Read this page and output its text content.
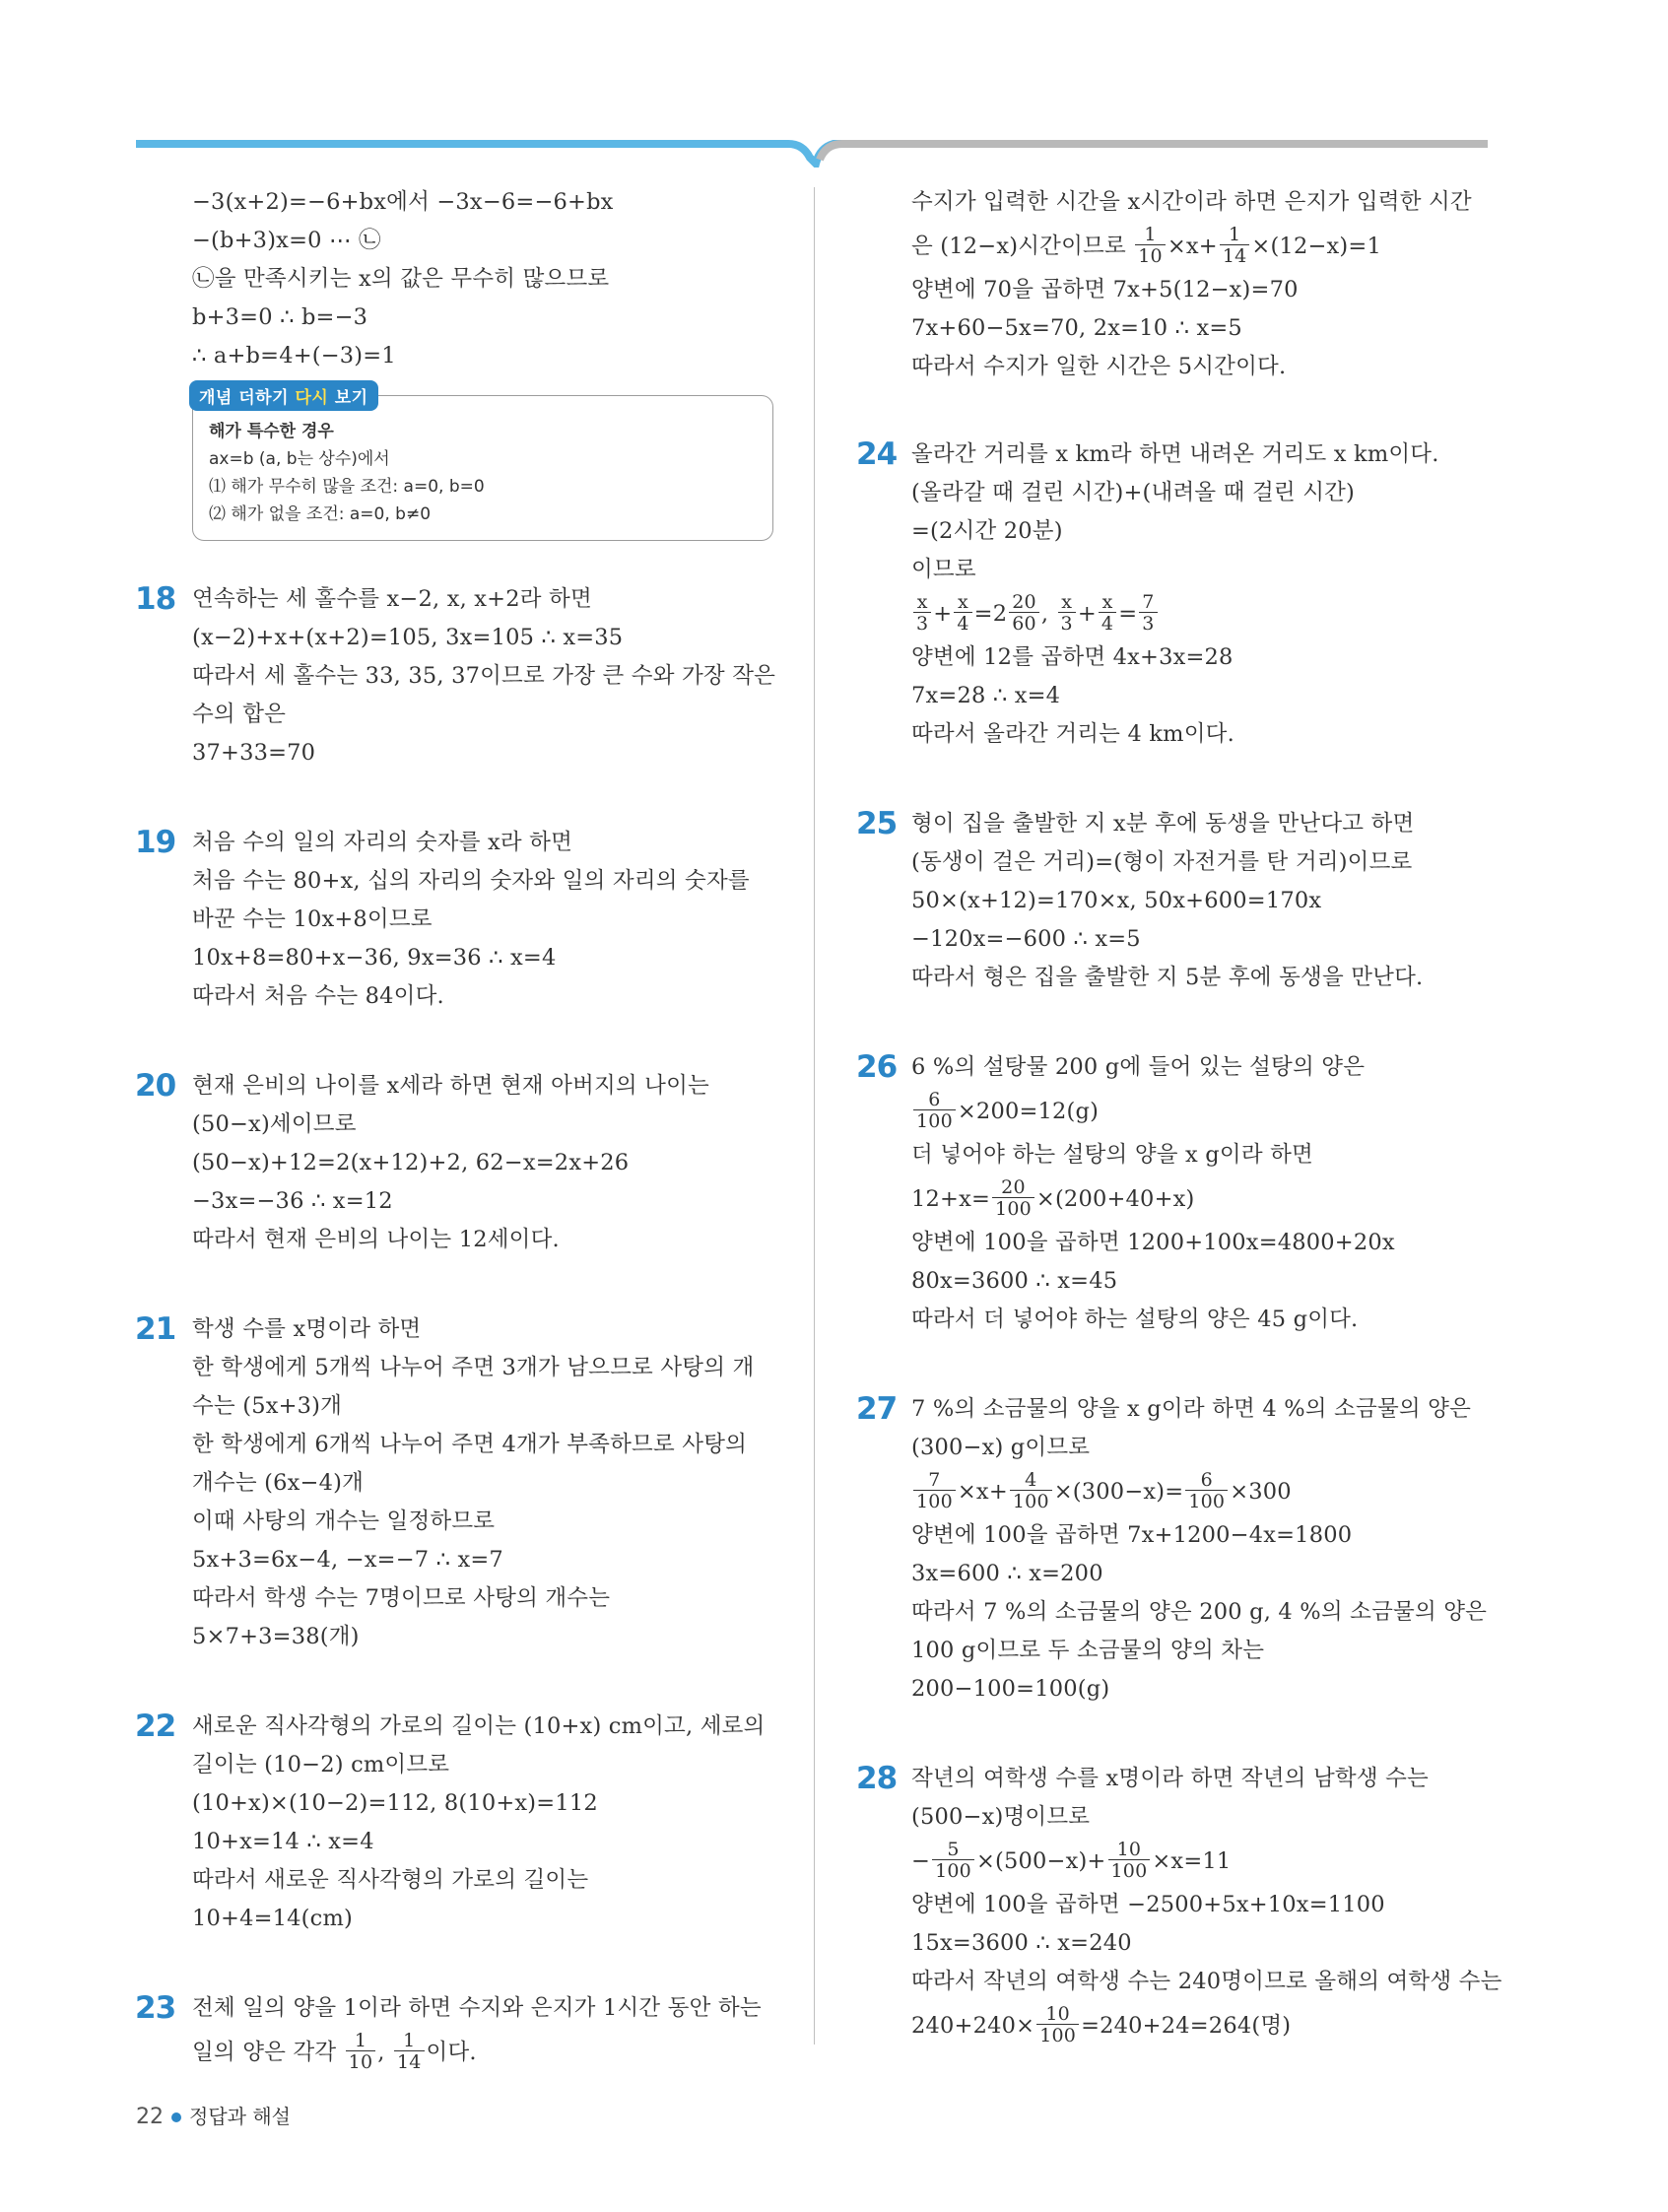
−3(x+2)=−6+bx에서 −3x−6=−6+bx
−(b+3)x=0 ⋯ ㉡
㉡을 만족시키는 x의 값은 무수히 많으므로
b+3=0 ∴ b=−3
∴ a+b=4+(−3)=1
개념 더하기 다시 보기
해가 특수한 경우
ax=b (a, b는 상수)에서
⑴ 해가 무수히 많을 조건: a=0, b=0
⑵ 해가 없을 조건: a=0, b≠0
18 연속하는 세 홀수를 x−2, x, x+2라 하면
(x−2)+x+(x+2)=105, 3x=105 ∴ x=35
따라서 세 홀수는 33, 35, 37이므로 가장 큰 수와 가장 작은
수의 합은
37+33=70
19 처음 수의 일의 자리의 숫자를 x라 하면
처음 수는 80+x, 십의 자리의 숫자와 일의 자리의 숫자를
바꾼 수는 10x+8이므로
10x+8=80+x−36, 9x=36 ∴ x=4
따라서 처음 수는 84이다.
20 현재 은비의 나이를 x세라 하면 현재 아버지의 나이는
(50−x)세이므로
(50−x)+12=2(x+12)+2, 62−x=2x+26
−3x=−36 ∴ x=12
따라서 현재 은비의 나이는 12세이다.
21 학생 수를 x명이라 하면
한 학생에게 5개씩 나누어 주면 3개가 남으므로 사탕의 개
수는 (5x+3)개
한 학생에게 6개씩 나누어 주면 4개가 부족하므로 사탕의
개수는 (6x−4)개
이때 사탕의 개수는 일정하므로
5x+3=6x−4, −x=−7 ∴ x=7
따라서 학생 수는 7명이므로 사탕의 개수는
5×7+3=38(개)
22 새로운 직사각형의 가로의 길이는 (10+x) cm이고, 세로의
길이는 (10−2) cm이므로
(10+x)×(10−2)=112, 8(10+x)=112
10+x=14 ∴ x=4
따라서 새로운 직사각형의 가로의 길이는
10+4=14(cm)
23 전체 일의 양을 1이라 하면 수지와 은지가 1시간 동안 하는
일의 양은 각각 $\frac{1}{10}$ , $\frac{1}{14}$ 이다.
수지가 입력한 시간을 x시간이라 하면 은지가 입력한 시간
은 (12−x)시간이므로 $\frac{1}{10} \times x+ \frac{1}{14} \times(12-x)=1$
양변에 70을 곱하면 7x+5(12−x)=70
7x+60−5x=70, 2x=10 ∴ x=5
따라서 수지가 일한 시간은 5시간이다.
24 올라간 거리를 x km라 하면 내려온 거리도 x km이다.
(올라갈 때 걸린 시간)+(내려올 때 걸린 시간)
=(2시간 20분)
이므로
$\frac{x}{3} + \frac{x}{4} =2 \frac{20}{60}$ , $\frac{x}{3} + \frac{x}{4} = \frac{7}{3}$
양변에 12를 곱하면 4x+3x=28
7x=28 ∴ x=4
따라서 올라간 거리는 4 km이다.
25 형이 집을 출발한 지 x분 후에 동생을 만난다고 하면
(동생이 걸은 거리)=(형이 자전거를 탄 거리)이므로
50×(x+12)=170×x, 50x+600=170x
−120x=−600 ∴ x=5
따라서 형은 집을 출발한 지 5분 후에 동생을 만난다.
26 6 %의 설탕물 200 g에 들어 있는 설탕의 양은
$\frac{6}{100} \times 200=12(g)$
더 넣어야 하는 설탕의 양을 x g이라 하면
$12+x= \frac{20}{100} \times(200+40+x)$
양변에 100을 곱하면 1200+100x=4800+20x
80x=3600 ∴ x=45
따라서 더 넣어야 하는 설탕의 양은 45 g이다.
27 7 %의 소금물의 양을 x g이라 하면 4 %의 소금물의 양은
(300−x) g이므로
$\frac{7}{100} \times x+ \frac{4}{100} \times(300-x)= \frac{6}{100} \times 300$
양변에 100을 곱하면 7x+1200−4x=1800
3x=600 ∴ x=200
따라서 7 %의 소금물의 양은 200 g, 4 %의 소금물의 양은
100 g이므로 두 소금물의 양의 차는
200−100=100(g)
28 작년의 여학생 수를 x명이라 하면 작년의 남학생 수는
(500−x)명이므로
− $\frac{5}{100} \times(500-x)+ \frac{10}{100} \times x=11$
양변에 100을 곱하면 −2500+5x+10x=1100
15x=3600 ∴ x=240
따라서 작년의 여학생 수는 240명이므로 올해의 여학생 수는
$240+240\times \frac{10}{100} =240+24=264$(명)
22 정답과 해설
